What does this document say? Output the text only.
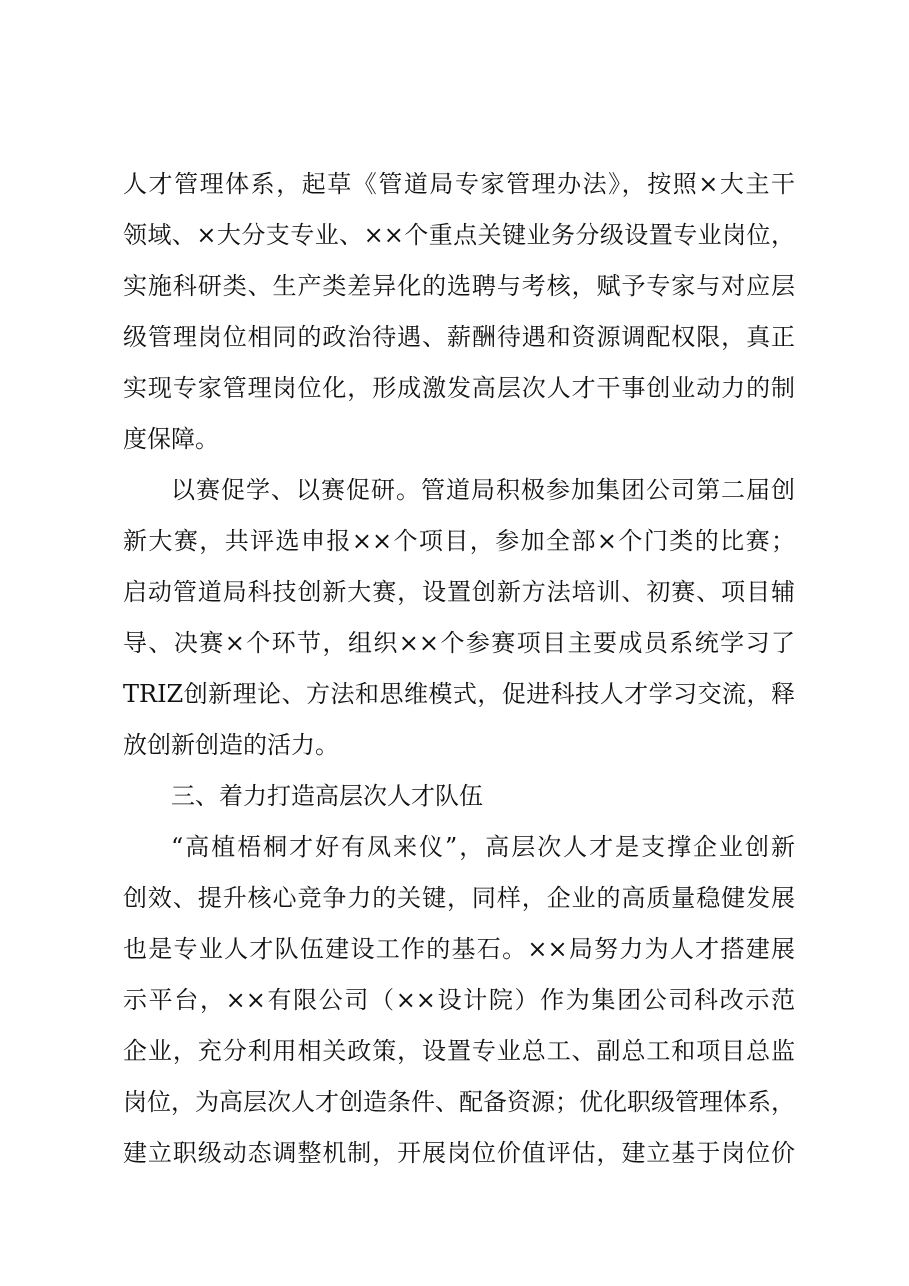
人才管理体系，起草《管道局专家管理办法》，按照×大主干
领域、×大分支专业、××个重点关键业务分级设置专业岗位，
实施科研类、生产类差异化的选聘与考核，赋予专家与对应层
级管理岗位相同的政治待遇、薪酬待遇和资源调配权限，真正
实现专家管理岗位化，形成激发高层次人才干事创业动力的制
度保障。
以赛促学、以赛促研。管道局积极参加集团公司第二届创
新大赛，共评选申报××个项目，参加全部×个门类的比赛；
启动管道局科技创新大赛，设置创新方法培训、初赛、项目辅
导、决赛×个环节，组织××个参赛项目主要成员系统学习了
TRIZ创新理论、方法和思维模式，促进科技人才学习交流，释
放创新创造的活力。
三、着力打造高层次人才队伍
“高植梧桐才好有凤来仪”，高层次人才是支撑企业创新
创效、提升核心竞争力的关键，同样，企业的高质量稳健发展
也是专业人才队伍建设工作的基石。××局努力为人才搭建展
示平台，××有限公司（××设计院）作为集团公司科改示范
企业，充分利用相关政策，设置专业总工、副总工和项目总监
岗位，为高层次人才创造条件、配备资源；优化职级管理体系，
建立职级动态调整机制，开展岗位价值评估，建立基于岗位价
